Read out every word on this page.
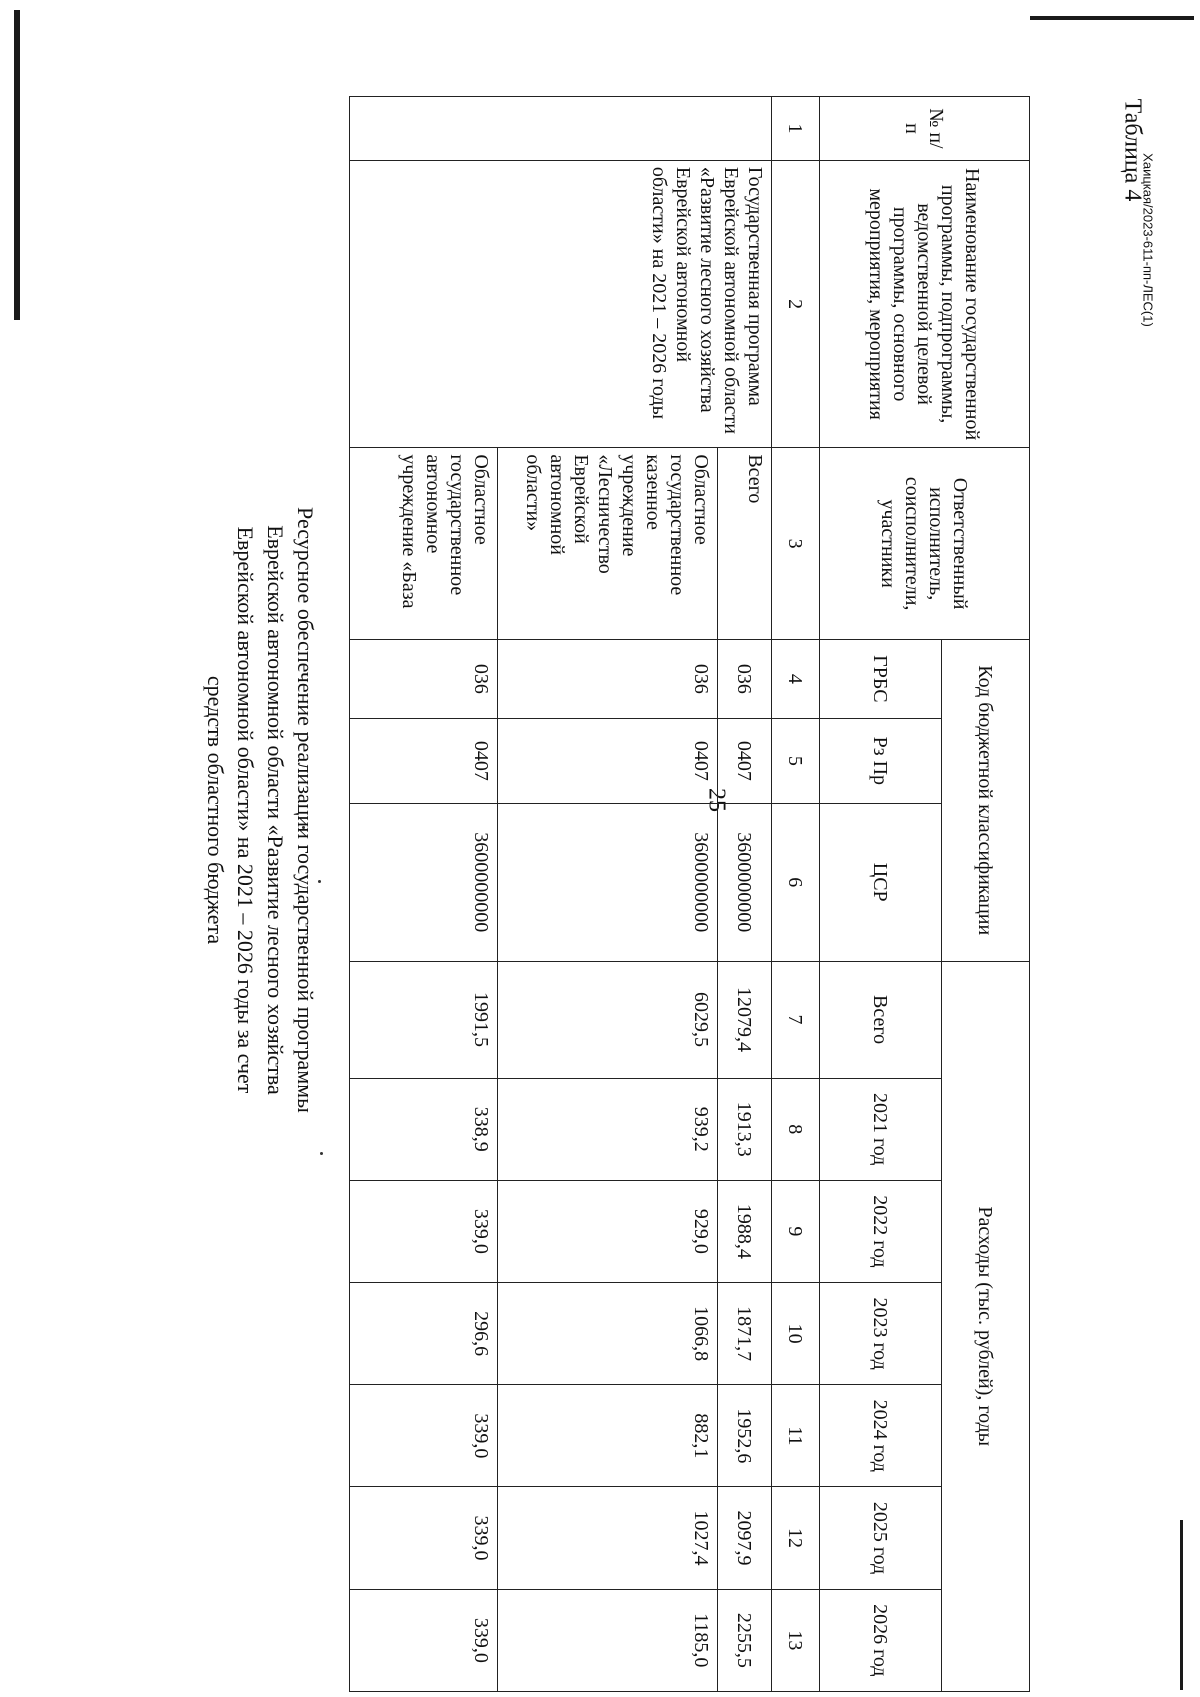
25
Таблица 4
Хаицкая/2023-611-пп-ЛЕС(1)
Ресурсное обеспечение реализации государственной программы
Еврейской автономной области «Развитие лесного хозяйства
Еврейской автономной области» на 2021 – 2026 годы за счет
средств областного бюджета
№ п/п	Наименование государственной программы, подпрограммы, ведомственной целевой программы, основного мероприятия, мероприятия	Ответственный исполнитель, соисполнители, участники	Код бюджетной классификации			Расходы (тыс. рублей), годы						
			ГРБС	Рз Пр	ЦСР	Всего	2021 год	2022 год	2023 год	2024 год	2025 год	2026 год
1	2	3	4	5	6	7	8	9	10	11	12	13
	Государственная программа Еврейской автономной области «Развитие лесного хозяйства Еврейской автономной области» на 2021 – 2026 годы	Всего	036	0407	3600000000	12079,4	1913,3	1988,4	1871,7	1952,6	2097,9	2255,5
		Областное государственное казенное учреждение «Лесничество Еврейской автономной области»	036	0407	3600000000	6029,5	939,2	929,0	1066,8	882,1	1027,4	1185,0
		Областное государственное автономное учреждение «База	036	0407	3600000000	1991,5	338,9	339,0	296,6	339,0	339,0	339,0
